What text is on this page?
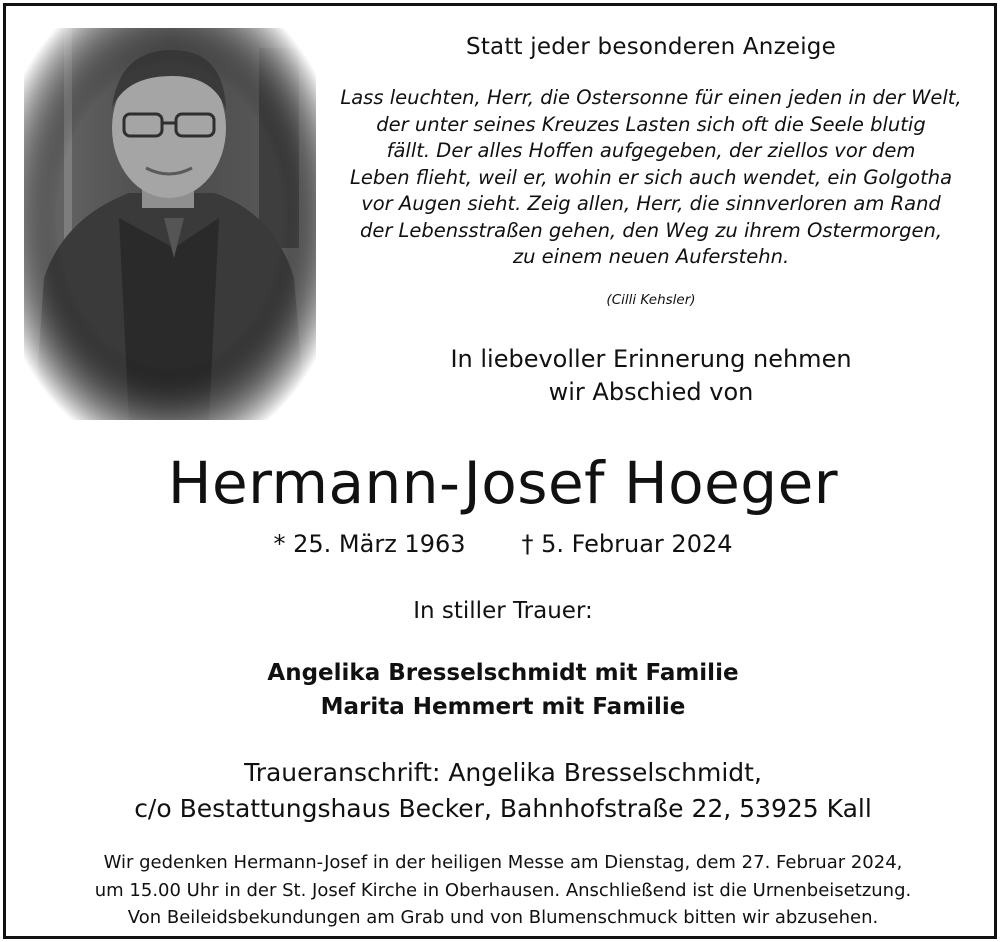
Statt jeder besonderen Anzeige
Lass leuchten, Herr, die Ostersonne für einen jeden in der Welt,
der unter seines Kreuzes Lasten sich oft die Seele blutig
fällt. Der alles Hoffen aufgegeben, der ziellos vor dem
Leben flieht, weil er, wohin er sich auch wendet, ein Golgotha
vor Augen sieht. Zeig allen, Herr, die sinnverloren am Rand
der Lebensstraßen gehen, den Weg zu ihrem Ostermorgen,
zu einem neuen Auferstehn.
(Cilli Kehsler)
In liebevoller Erinnerung nehmen
wir Abschied von
Hermann-Josef Hoeger
* 25. März 1963 † 5. Februar 2024
In stiller Trauer:
Angelika Bresselschmidt mit Familie
Marita Hemmert mit Familie
Traueranschrift: Angelika Bresselschmidt,
c/o Bestattungshaus Becker, Bahnhofstraße 22, 53925 Kall
Wir gedenken Hermann-Josef in der heiligen Messe am Dienstag, dem 27. Februar 2024,
um 15.00 Uhr in der St. Josef Kirche in Oberhausen. Anschließend ist die Urnenbeisetzung.
Von Beileidsbekundungen am Grab und von Blumenschmuck bitten wir abzusehen.
